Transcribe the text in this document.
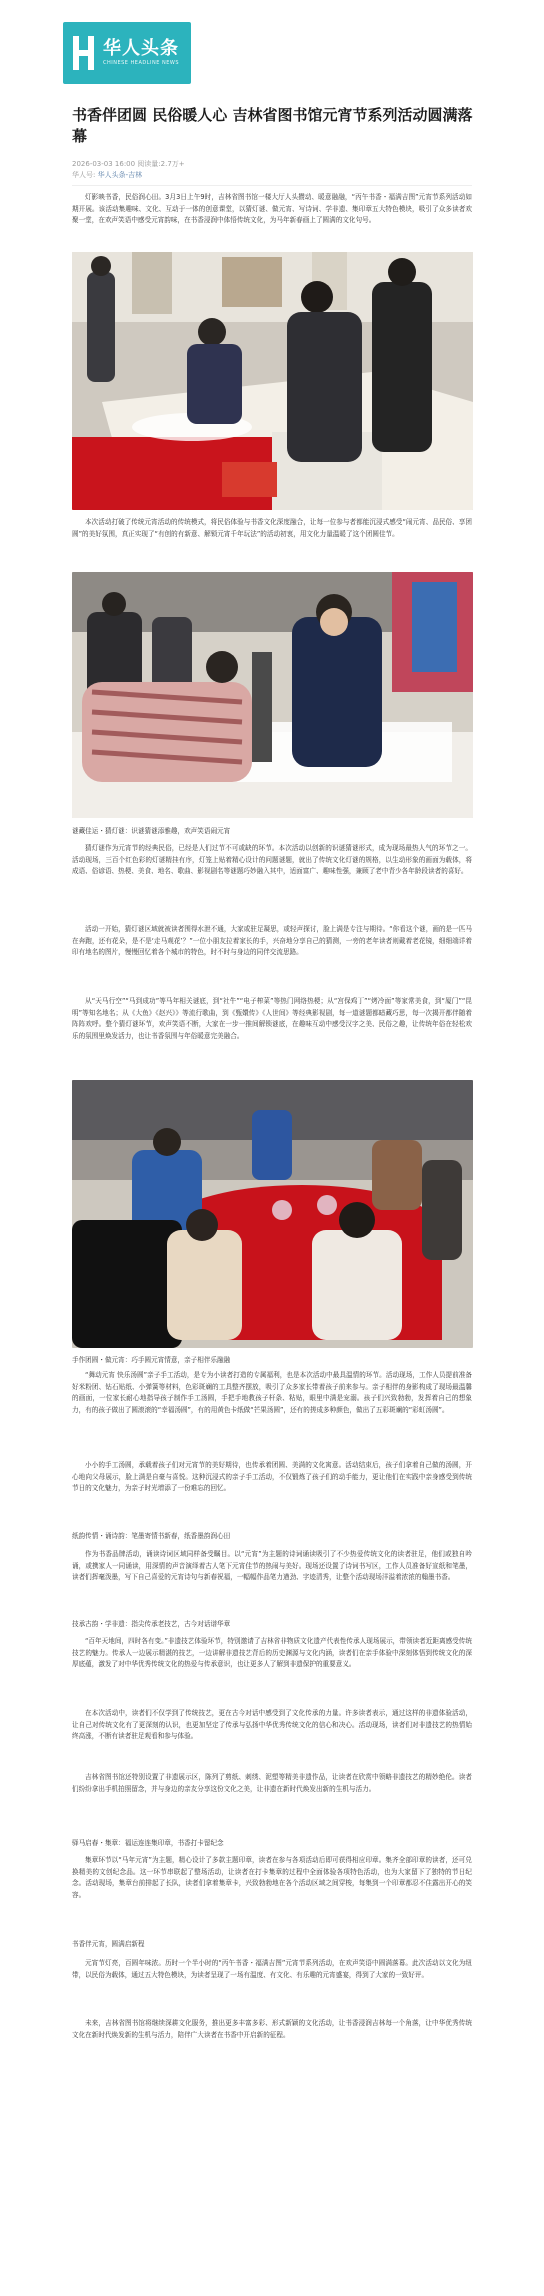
华人头条
CHINESE HEADLINE NEWS
书香伴团圆 民俗暖人心 吉林省图书馆元宵节系列活动圆满落幕
2026-03-03 16:00 阅读量:2.7万+
华人号: 华人头条-吉林
灯影映书香，民俗润心田。3月3日上午9时，吉林省图书馆一楼大厅人头攒动、暖意融融，“丙午书香・福满吉图”元宵节系列活动如期开展。该活动集趣味、文化、互动于一体的创意课堂，以猜灯谜、做元宵、写诗词、学非遗、集印章五大特色模块，吸引了众多读者欢聚一堂，在欢声笑语中感受元宵韵味，在书香浸润中体悟传统文化，为马年新春画上了圆满的文化句号。
本次活动打破了传统元宵活动的传统模式，将民俗体验与书香文化深度融合，让每一位参与者都能沉浸式感受“闹元宵、品民俗、享团圆”的美好氛围，真正实现了“有创的有新意、解锁元宵千年玩法”的活动初衷，用文化力量温暖了这个团圆佳节。
谜藏佳运・猜灯谜：识谜猜谜添雅趣，欢声笑语闹元宵
猜灯谜作为元宵节的经典民俗，已经是人们过节不可或缺的环节。本次活动以创新的识谜猜谜形式，成为现场最热人气的环节之一。活动现场，三百个红色彩的灯谜精挂有序，灯笼上贴着精心设计的问题谜题，就出了传统文化灯谜的规格，以生动形象的画面为载体，将成语、俗谚语、热梗、美食、地名、歌曲、影视剧名等谜题巧妙融入其中，适面富广、趣味性强，兼顾了老中青少各年龄段读者的喜好。
活动一开始，猜灯谜区域就被读者围得水泄不通，大家或驻足凝思，或轻声探讨，脸上满是专注与期待。“你看这个谜，画的是一匹马在奔跑，还有花朵，是不是‘走马观花’？”一位小朋友拉着家长的手，兴奋地分享自己的猜测，一旁的老年读者则戴着老花镜，细细端详着印有地名的图片，慢慢回忆着各个城市的特色，时不时与身边的同伴交流思路。
从“天马行空”“马到成功”等马年相关谜底，到“社牛”“电子榨菜”等热门网络热梗；从“宫保鸡丁”“烤冷面”等家常美食，到“厦门”“昆明”等知名地名；从《大鱼》《赵兴》》等流行歌曲，到《甄嬛传》《人世间》等经典影视剧，每一道谜题都暗藏巧思，每一次揭开都伴随着阵阵欢呼。整个猜灯谜环节，欢声笑语不断，大家在一步一推间解锁谜底，在趣味互动中感受汉字之美、民俗之趣，让传统年俗在轻松欢乐的氛围里焕发活力，也让书香氛围与年俗暖意完美融合。
手作团圆・做元宵：巧手圆元宵情意，亲子相伴乐融融
“舞动元宵 快乐汤圆”亲子手工活动，是专为小读者打造的专属福利，也是本次活动中最具温情的环节。活动现场，工作人员提前准备好米粉团、钻石贴纸、小弹簧等材料，色彩斑斓的工具整齐摆放，吸引了众多家长带着孩子前来参与。亲子相伴的身影构成了现场最温馨的画面，一位家长耐心地指导孩子制作手工汤圆，手把手地教孩子杆条、粘贴，眼里中满是宠溺。孩子们兴致勃勃，发挥着自己的想象力，有的孩子做出了圆滚滚的“幸福汤圆”，有的用黄色卡纸做“芒果汤圆”，还有的搓成多种颜色，做出了五彩斑斓的“彩虹汤圆”。
小小的手工汤圆，承载着孩子们对元宵节的美好期待，也传承着团圆、美满的文化寓意。活动结束后，孩子们拿着自己做的汤圆，开心地向父母展示，脸上满是自豪与喜悦。这种沉浸式的亲子手工活动，不仅锻炼了孩子们的动手能力，更让他们在实践中亲身感受到传统节日的文化魅力，为亲子时光增添了一份难忘的回忆。
纸韵传情・诵诗韵：笔墨寄情书新春，纸香墨韵润心田
作为书香品牌活动，诵读诗词区域同样备受瞩目。以“元宵”为主题的诗词诵读吸引了不少热爱传统文化的读者驻足，他们或独自吟诵，或携家人一同诵读，用深情的声音演绎着古人笔下元宵佳节的热闹与美好。现场还设置了诗词书写区，工作人员准备好宣纸和笔墨，读者们挥毫泼墨，写下自己喜爱的元宵诗句与新春祝福，一幅幅作品笔力遒劲、字迹清秀，让整个活动现场洋溢着浓浓的翰墨书香。
技承古韵・学非遗：指尖传承老技艺，古今对话谱华章
“百年天地间，四时各有变。”非遗技艺体验环节，特别邀请了吉林省非物质文化遗产代表性传承人现场展示，带领读者近距离感受传统技艺的魅力。传承人一边展示精湛的技艺，一边讲解非遗技艺背后的历史渊源与文化内涵，读者们在亲手体验中深刻体悟到传统文化的深厚底蕴，激发了对中华优秀传统文化的热爱与传承意识，也让更多人了解到非遗保护的重要意义。
在本次活动中，读者们不仅学到了传统技艺，更在古今对话中感受到了文化传承的力量。许多读者表示，通过这样的非遗体验活动，让自己对传统文化有了更深刻的认识，也更加坚定了传承与弘扬中华优秀传统文化的信心和决心。活动现场，读者们对非遗技艺的热情始终高涨，不断有读者驻足观看和参与体验。
吉林省图书馆还特别设置了非遗展示区，陈列了剪纸、刺绣、泥塑等精美非遗作品，让读者在欣赏中领略非遗技艺的精妙绝伦。读者们纷纷拿出手机拍照留念，并与身边的亲友分享这份文化之美，让非遗在新时代焕发出新的生机与活力。
驿马启春・集章：福运连连集印章，书香打卡留纪念
集章环节以“马年元宵”为主题，精心设计了多款主题印章，读者在参与各项活动后即可获得相应印章。集齐全部印章的读者，还可兑换精美的文创纪念品。这一环节串联起了整场活动，让读者在打卡集章的过程中全面体验各项特色活动，也为大家留下了独特的节日纪念。活动现场，集章台前排起了长队，读者们拿着集章卡，兴致勃勃地在各个活动区域之间穿梭，每集到一个印章都忍不住露出开心的笑容。
书香伴元宵，圆满启新程
元宵节灯亮，百圆年味浓。历时一个半小时的“丙午书香・福满吉图”元宵节系列活动，在欢声笑语中圆满落幕。此次活动以文化为纽带，以民俗为载体，通过五大特色模块，为读者呈现了一场有温度、有文化、有乐趣的元宵盛宴，得到了大家的一致好评。
未来，吉林省图书馆将继续深耕文化服务，推出更多丰富多彩、形式新颖的文化活动，让书香浸润吉林每一个角落，让中华优秀传统文化在新时代焕发新的生机与活力，陪伴广大读者在书香中开启新的征程。
